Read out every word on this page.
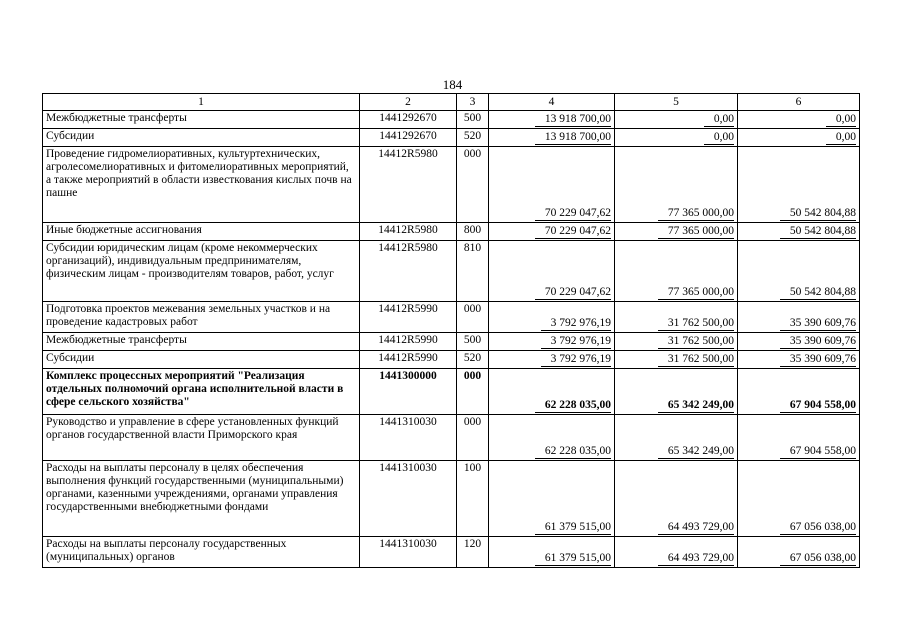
184
1	2	3	4	5	6
Межбюджетные трансферты	1441292670	500	13 918 700,00	0,00	0,00
Субсидии	1441292670	520	13 918 700,00	0,00	0,00
Проведение гидромелиоративных, культуртехнических, агролесомелиоративных и фитомелиоративных мероприятий, а также мероприятий в области известкования кислых почв на пашне	14412R5980	000	70 229 047,62	77 365 000,00	50 542 804,88
Иные бюджетные ассигнования	14412R5980	800	70 229 047,62	77 365 000,00	50 542 804,88
Субсидии юридическим лицам (кроме некоммерческих организаций), индивидуальным предпринимателям, физическим лицам - производителям товаров, работ, услуг	14412R5980	810	70 229 047,62	77 365 000,00	50 542 804,88
Подготовка проектов межевания земельных участков и на проведение кадастровых работ	14412R5990	000	3 792 976,19	31 762 500,00	35 390 609,76
Межбюджетные трансферты	14412R5990	500	3 792 976,19	31 762 500,00	35 390 609,76
Субсидии	14412R5990	520	3 792 976,19	31 762 500,00	35 390 609,76
Комплекс процессных мероприятий "Реализация отдельных полномочий органа исполнительной власти в сфере сельского хозяйства"	1441300000	000	62 228 035,00	65 342 249,00	67 904 558,00
Руководство и управление в сфере установленных функций органов государственной власти Приморского края	1441310030	000	62 228 035,00	65 342 249,00	67 904 558,00
Расходы на выплаты персоналу в целях обеспечения выполнения функций государственными (муниципальными) органами, казенными учреждениями, органами управления государственными внебюджетными фондами	1441310030	100	61 379 515,00	64 493 729,00	67 056 038,00
Расходы на выплаты персоналу государственных (муниципальных) органов	1441310030	120	61 379 515,00	64 493 729,00	67 056 038,00
